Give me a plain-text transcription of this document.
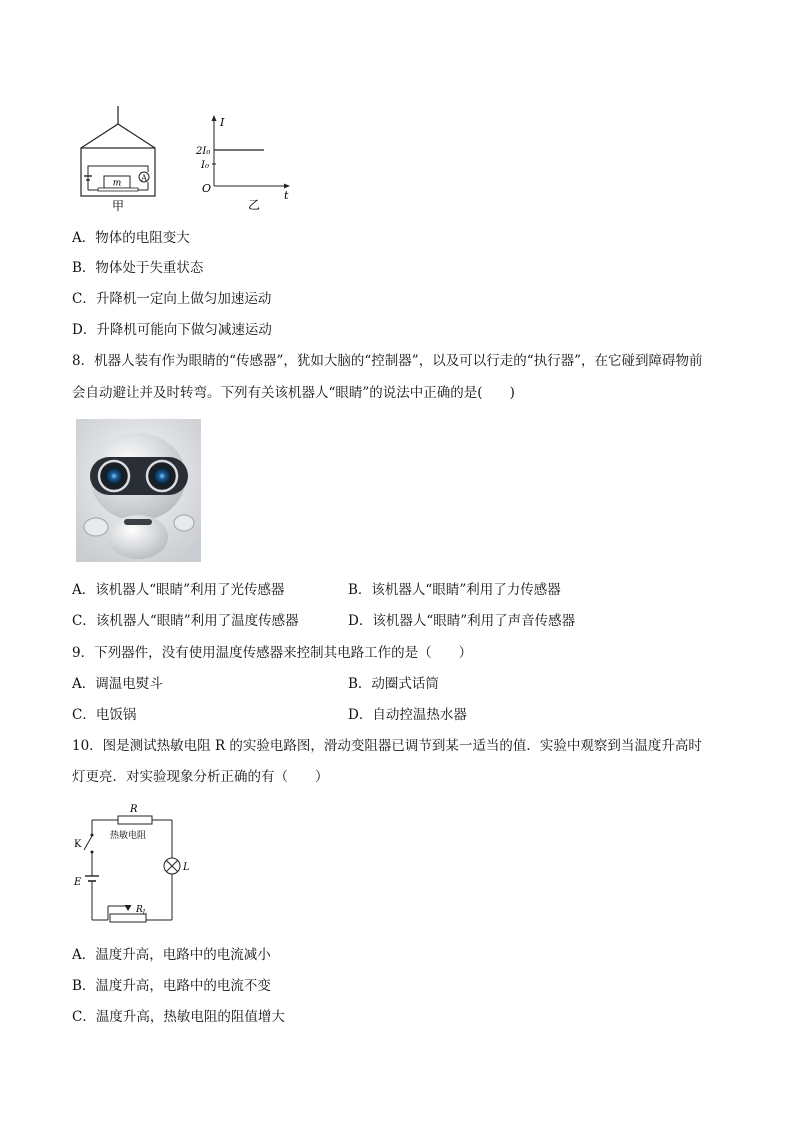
A
m
甲
I
2I₀
I₀
O
t
乙
A．物体的电阻变大
B．物体处于失重状态
C．升降机一定向上做匀加速运动
D．升降机可能向下做匀减速运动
8．机器人装有作为眼睛的“传感器”，犹如大脑的“控制器”，以及可以行走的“执行器”，在它碰到障碍物前
会自动避让并及时转弯。下列有关该机器人“眼睛”的说法中正确的是(　　)
A．该机器人“眼睛”利用了光传感器	B．该机器人“眼睛”利用了力传感器
C．该机器人“眼睛”利用了温度传感器	D．该机器人“眼睛”利用了声音传感器
9．下列器件，没有使用温度传感器来控制其电路工作的是（　　）
A．调温电熨斗	B．动圈式话筒
C．电饭锅	D．自动控温热水器
10．图是测试热敏电阻 R 的实验电路图，滑动变阻器已调节到某一适当的值．实验中观察到当温度升高时
灯更亮．对实验现象分析正确的有（　　）
R
热敏电阻
K
E
$R_L$
L
A．温度升高，电路中的电流减小
B．温度升高，电路中的电流不变
C．温度升高，热敏电阻的阻值增大
